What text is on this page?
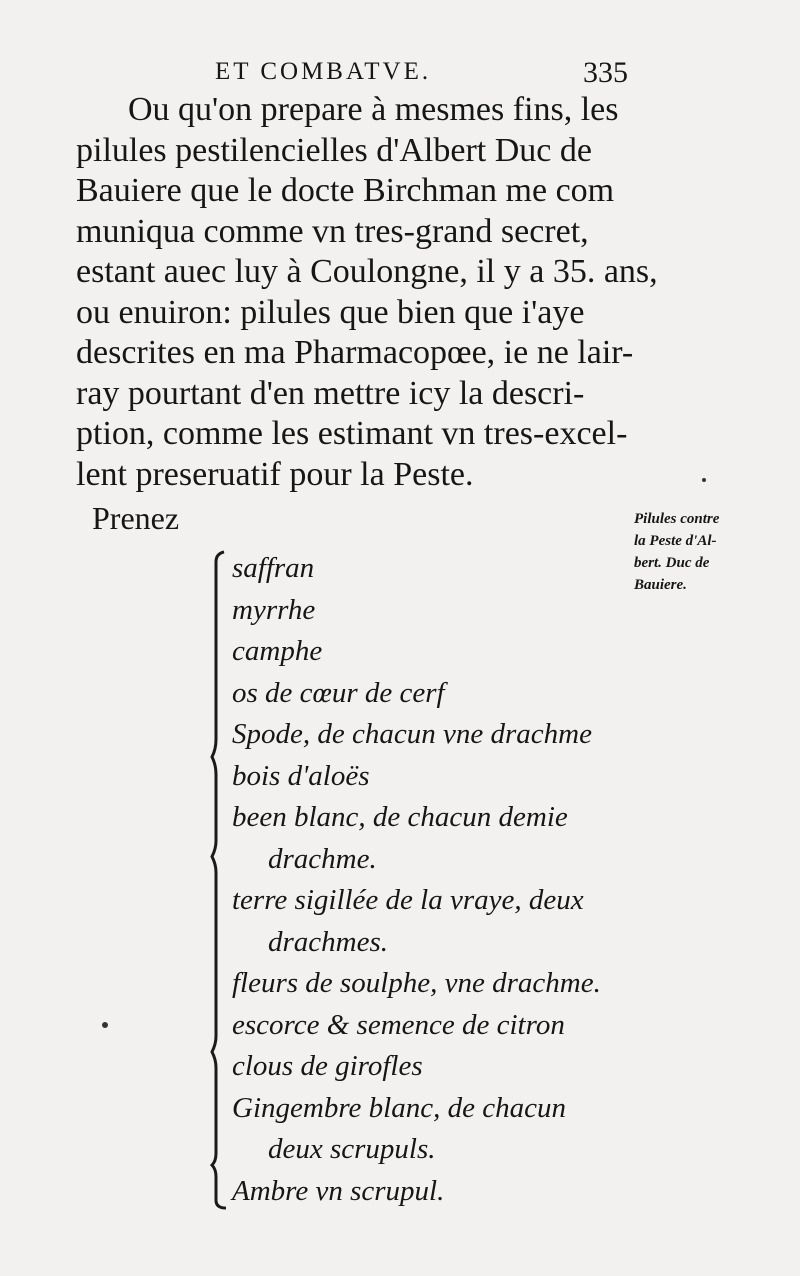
ET COMBATVE.	335
Ou qu'on prepare à mesmes fins, les
pilules pestilencielles d'Albert Duc de
Bauiere que le docte Birchman me com
muniqua comme vn tres-grand secret,
estant auec luy à Coulongne, il y a 35. ans,
ou enuiron: pilules que bien que i'aye
descrites en ma Pharmacopœe, ie ne lair-
ray pourtant d'en mettre icy la descri-
ption, comme les estimant vn tres-excel-
lent preseruatif pour la Peste.
Prenez
saffran
myrrhe
camphe
os de cœur de cerf
Spode, de chacun vne drachme
bois d'aloës
been blanc, de chacun demie
drachme.
terre sigillée de la vraye, deux
drachmes.
fleurs de soulphe, vne drachme.
escorce & semence de citron
clous de girofles
Gingembre blanc, de chacun
deux scrupuls.
Ambre vn scrupul.
Pilules contre
la Peste d'Al-
bert. Duc de
Bauiere.
